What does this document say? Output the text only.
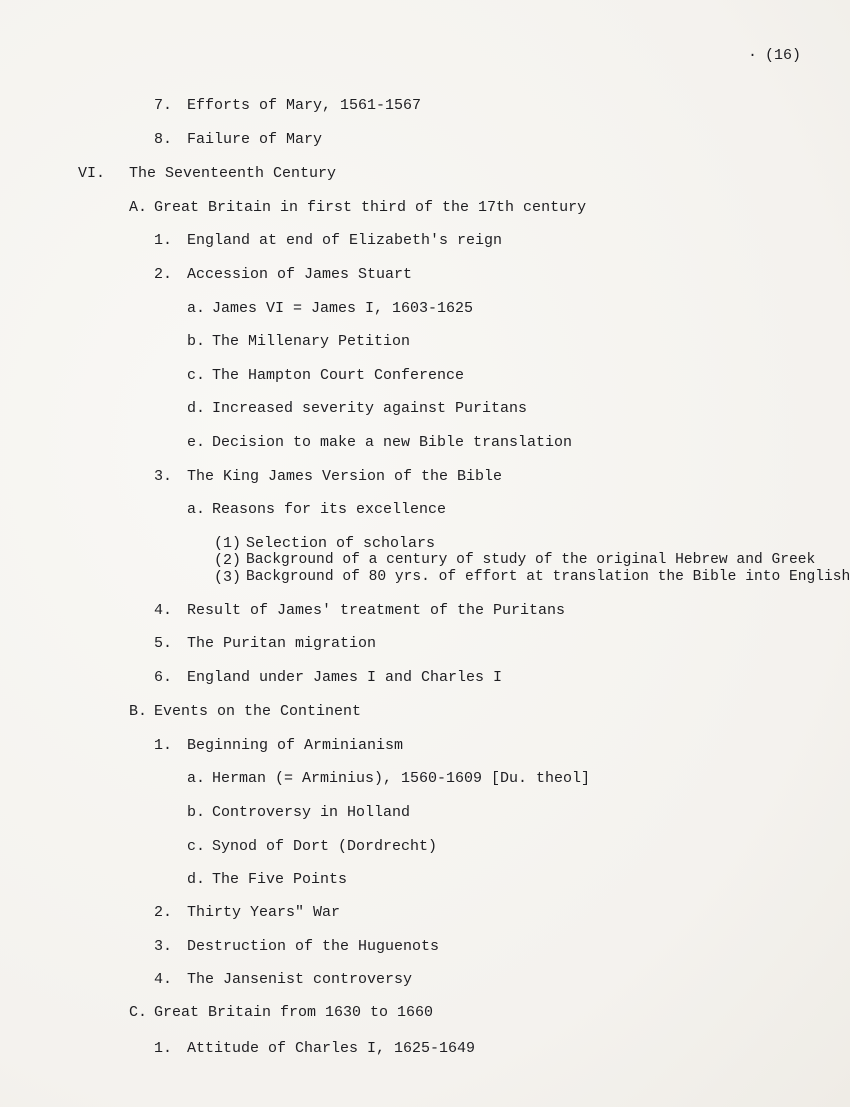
· (16)
7. Efforts of Mary, 1561-1567
8. Failure of Mary
VI. The Seventeenth Century
A. Great Britain in first third of the 17th century
1. England at end of Elizabeth's reign
2. Accession of James Stuart
a. James VI = James I, 1603-1625
b. The Millenary Petition
c. The Hampton Court Conference
d. Increased severity against Puritans
e. Decision to make a new Bible translation
3. The King James Version of the Bible
a. Reasons for its excellence
(1) Selection of scholars
(2) Background of a century of study of the original Hebrew and Greek
(3) Background of 80 yrs. of effort at translation the Bible into English
4. Result of James' treatment of the Puritans
5. The Puritan migration
6. England under James I and Charles I
B. Events on the Continent
1. Beginning of Arminianism
a. Herman (= Arminius), 1560-1609 [Du. theol]
b. Controversy in Holland
c. Synod of Dort (Dordrecht)
d. The Five Points
2. Thirty Years" War
3. Destruction of the Huguenots
4. The Jansenist controversy
C. Great Britain from 1630 to 1660
1. Attitude of Charles I, 1625-1649
